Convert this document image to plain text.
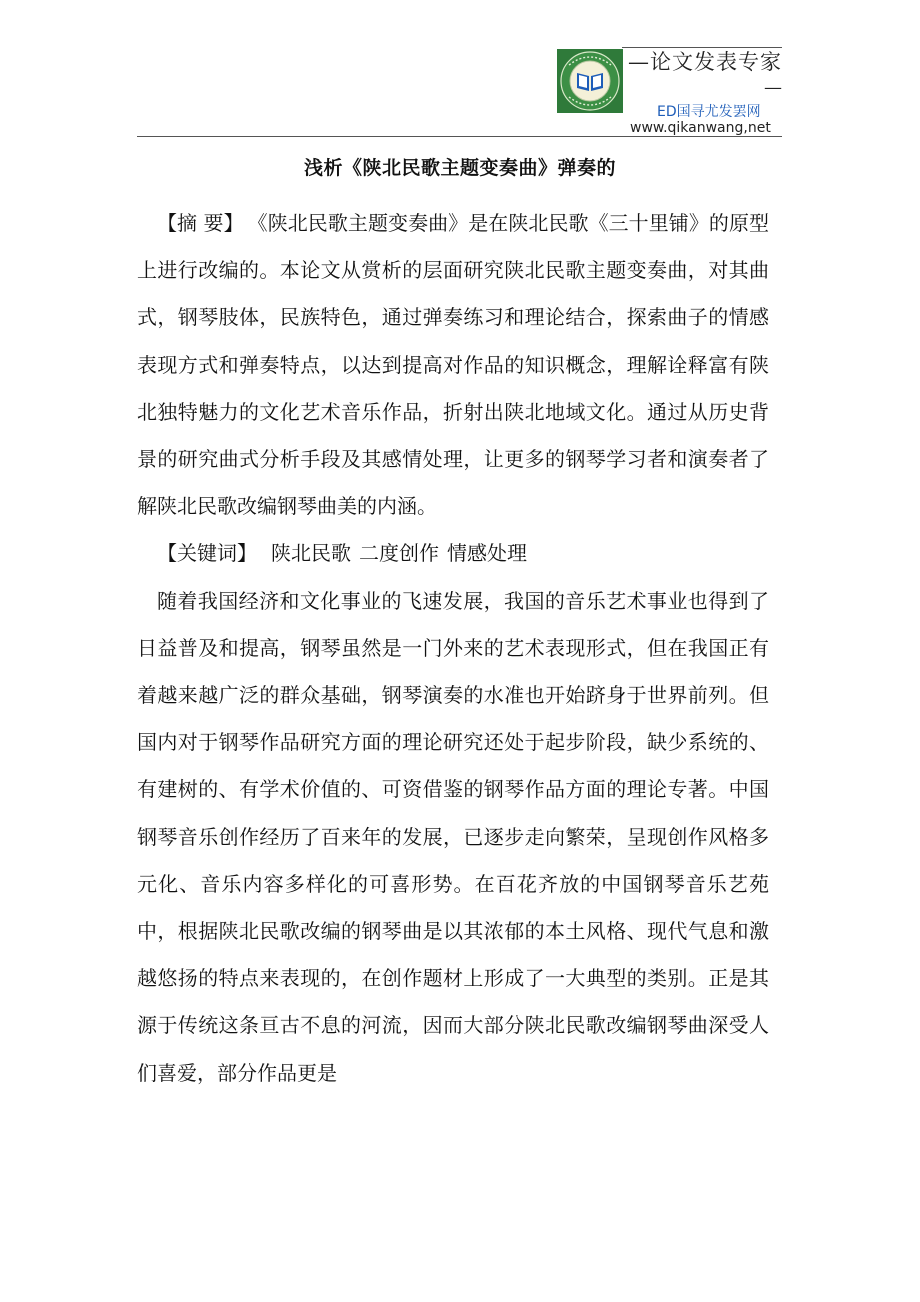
—论文发表专家
—
ED国寻尤发罢网
www.qikanwang,net
浅析《陕北民歌主题变奏曲》弹奏的

【摘 要】 《陕北民歌主题变奏曲》是在陕北民歌《三十里铺》的原型上进行改编的。本论文从赏析的层面研究陕北民歌主题变奏曲，对其曲式，钢琴肢体，民族特色，通过弹奏练习和理论结合，探索曲子的情感表现方式和弹奏特点，以达到提高对作品的知识概念，理解诠释富有陕北独特魅力的文化艺术音乐作品，折射出陕北地域文化。通过从历史背景的研究曲式分析手段及其感情处理，让更多的钢琴学习者和演奏者了解陕北民歌改编钢琴曲美的内涵。

【关键词】 陕北民歌 二度创作 情感处理

随着我国经济和文化事业的飞速发展，我国的音乐艺术事业也得到了日益普及和提高，钢琴虽然是一门外来的艺术表现形式，但在我国正有着越来越广泛的群众基础，钢琴演奏的水准也开始跻身于世界前列。但国内对于钢琴作品研究方面的理论研究还处于起步阶段，缺少系统的、有建树的、有学术价值的、可资借鉴的钢琴作品方面的理论专著。中国钢琴音乐创作经历了百来年的发展，已逐步走向繁荣，呈现创作风格多元化、音乐内容多样化的可喜形势。在百花齐放的中国钢琴音乐艺苑中，根据陕北民歌改编的钢琴曲是以其浓郁的本土风格、现代气息和激越悠扬的特点来表现的，在创作题材上形成了一大典型的类别。正是其源于传统这条亘古不息的河流，因而大部分陕北民歌改编钢琴曲深受人们喜爱，部分作品更是
